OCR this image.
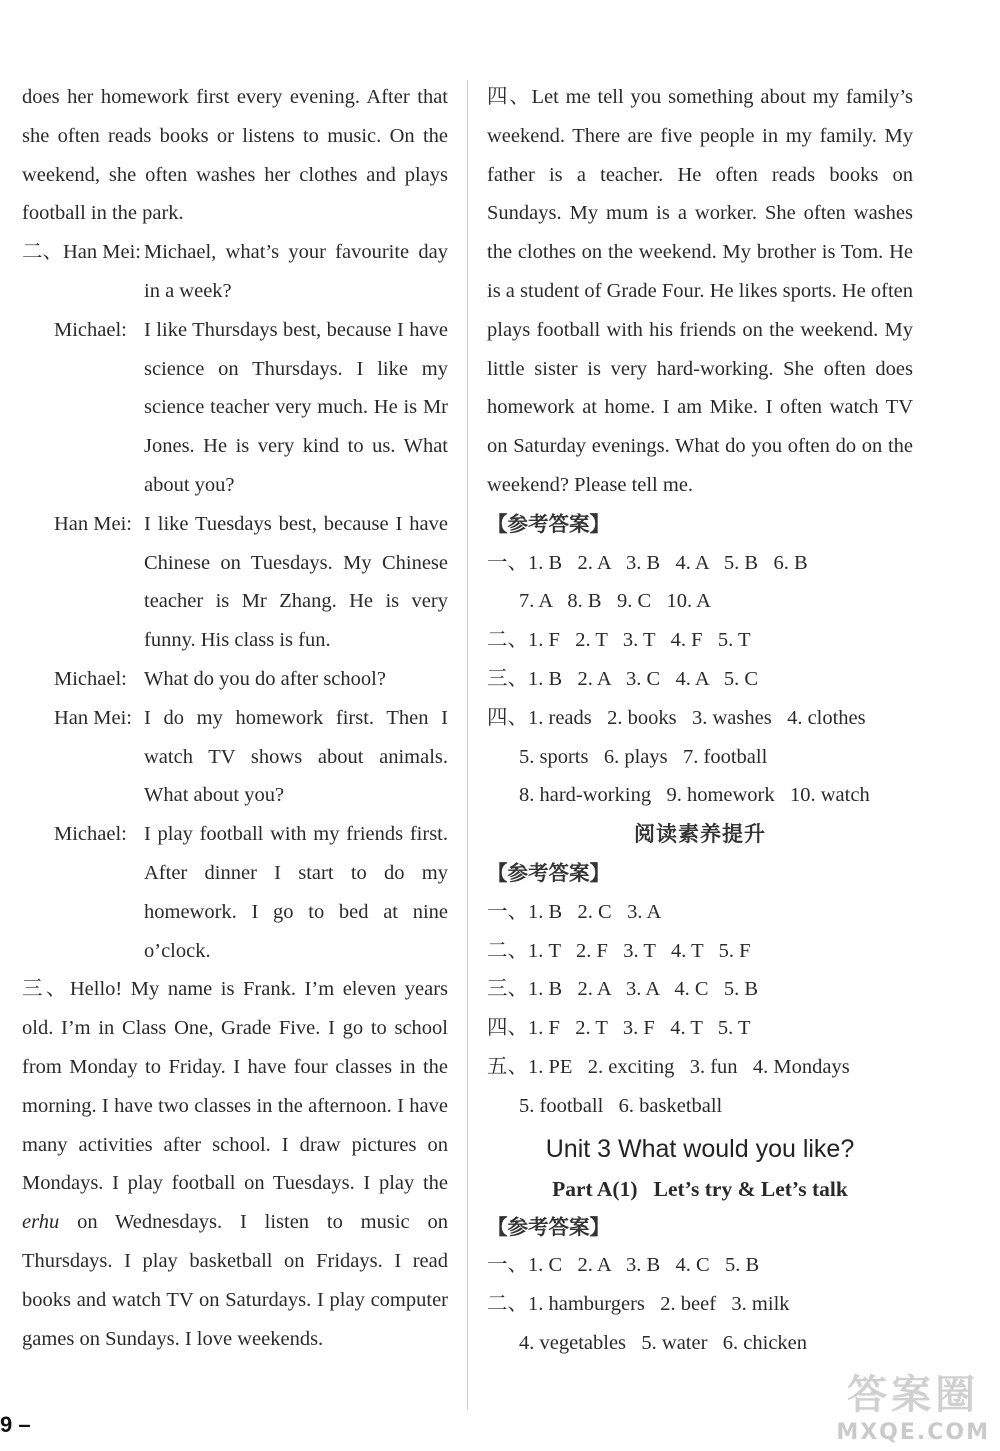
does her homework first every evening. After that she often reads books or listens to music. On the weekend, she often washes her clothes and plays football in the park.

二、Han Mei: Michael, what’s your favourite day in a week?
Michael: I like Thursdays best, because I have science on Thursdays. I like my science teacher very much. He is Mr Jones. He is very kind to us. What about you?
Han Mei: I like Tuesdays best, because I have Chinese on Tuesdays. My Chinese teacher is Mr Zhang. He is very funny. His class is fun.
Michael: What do you do after school?
Han Mei: I do my homework first. Then I watch TV shows about animals. What about you?
Michael: I play football with my friends first. After dinner I start to do my homework. I go to bed at nine o’clock.

三、Hello! My name is Frank. I’m eleven years old. I’m in Class One, Grade Five. I go to school from Monday to Friday. I have four classes in the morning. I have two classes in the afternoon. I have many activities after school. I draw pictures on Mondays. I play football on Tuesdays. I play the erhu on Wednesdays. I listen to music on Thursdays. I play basketball on Fridays. I read books and watch TV on Saturdays. I play computer games on Sundays. I love weekends.

四、Let me tell you something about my family’s weekend. There are five people in my family. My father is a teacher. He often reads books on Sundays. My mum is a worker. She often washes the clothes on the weekend. My brother is Tom. He is a student of Grade Four. He likes sports. He often plays football with his friends on the weekend. My little sister is very hard-working. She often does homework at home. I am Mike. I often watch TV on Saturday evenings. What do you often do on the weekend? Please tell me.

【参考答案】
一、1. B   2. A   3. B   4. A   5. B   6. B
7. A   8. B   9. C   10. A
二、1. F   2. T   3. T   4. F   5. T
三、1. B   2. A   3. C   4. A   5. C
四、1. reads   2. books   3. washes   4. clothes
5. sports   6. plays   7. football
8. hard-working   9. homework   10. watch
阅读素养提升
【参考答案】
一、1. B   2. C   3. A
二、1. T   2. F   3. T   4. T   5. F
三、1. B   2. A   3. A   4. C   5. B
四、1. F   2. T   3. F   4. T   5. T
五、1. PE   2. exciting   3. fun   4. Mondays
5. football   6. basketball
Unit 3 What would you like?
Part A(1)   Let’s try & Let’s talk
【参考答案】
一、1. C   2. A   3. B   4. C   5. B
二、1. hamburgers   2. beef   3. milk
4. vegetables   5. water   6. chicken
9 –
答案圈
MXQE.COM
